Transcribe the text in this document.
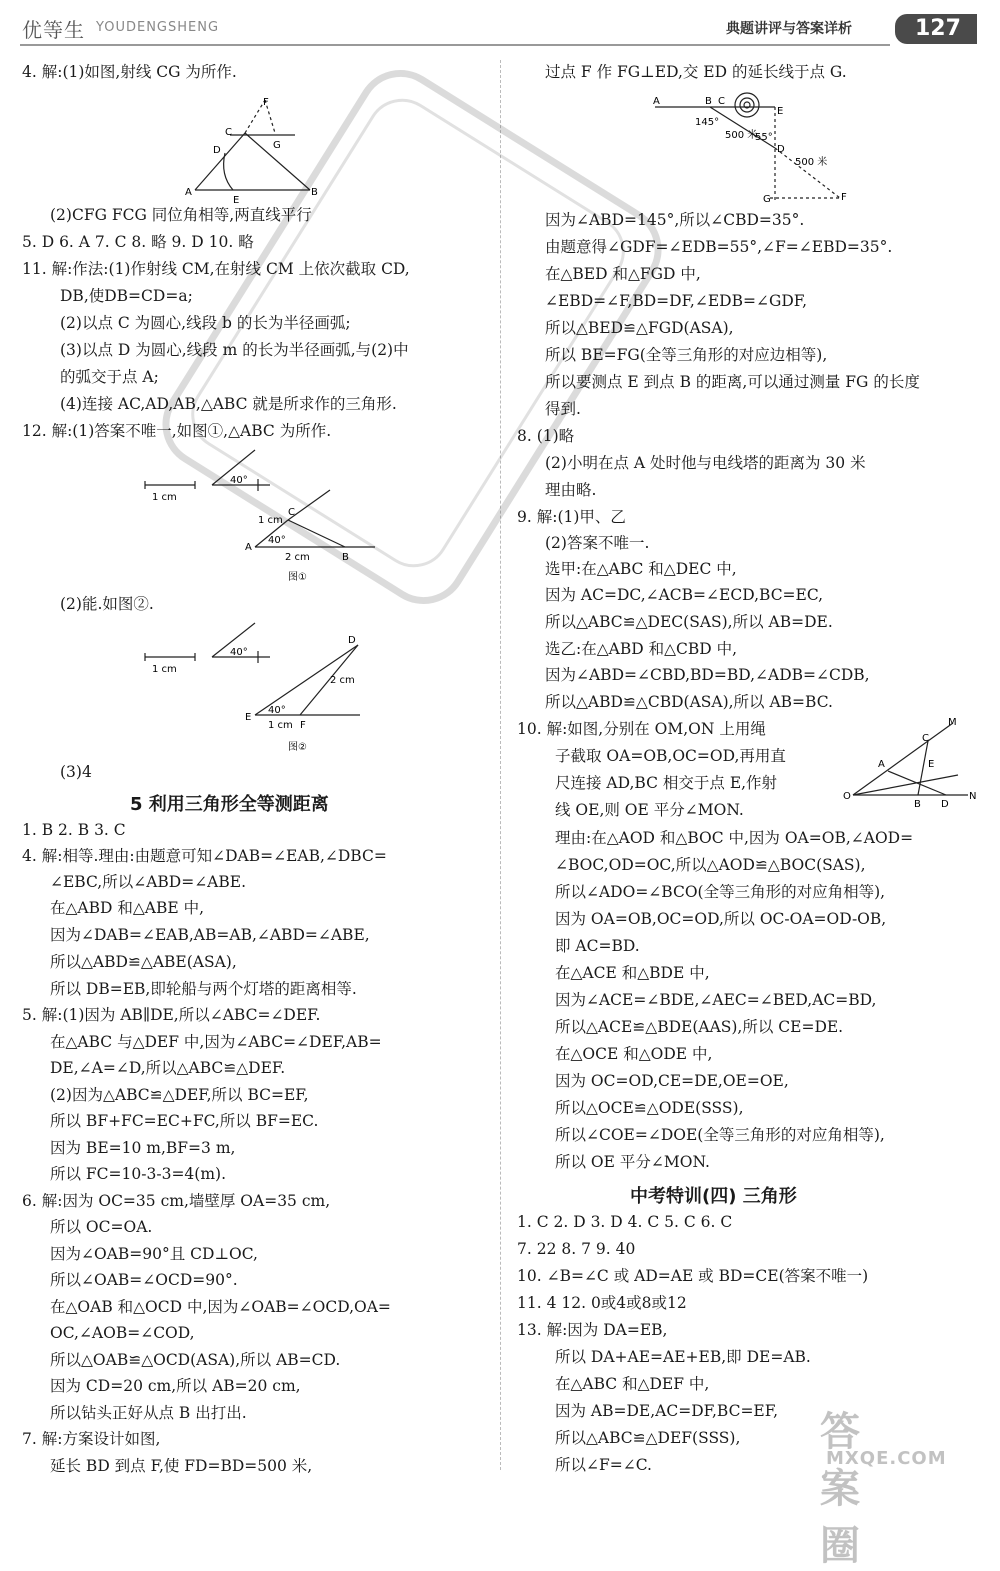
优等生 YOUDENGSHENG	典题讲评与答案详析	127
4. 解:(1)如图,射线 CG 为所作.
(2)CFG FCG 同位角相等,两直线平行
5. D 6. A 7. C 8. 略 9. D 10. 略
11. 解:作法:(1)作射线 CM,在射线 CM 上依次截取 CD,
DB,使DB=CD=a;
(2)以点 C 为圆心,线段 b 的长为半径画弧;
(3)以点 D 为圆心,线段 m 的长为半径画弧,与(2)中
的弧交于点 A;
(4)连接 AC,AD,AB,△ABC 就是所求作的三角形.
12. 解:(1)答案不唯一,如图①,△ABC 为所作.
(2)能.如图②.
(3)4
5 利用三角形全等测距离
1. B 2. B 3. C
4. 解:相等.理由:由题意可知∠DAB=∠EAB,∠DBC=
∠EBC,所以∠ABD=∠ABE.
在△ABD 和△ABE 中,
因为∠DAB=∠EAB,AB=AB,∠ABD=∠ABE,
所以△ABD≌△ABE(ASA),
所以 DB=EB,即轮船与两个灯塔的距离相等.
5. 解:(1)因为 AB∥DE,所以∠ABC=∠DEF.
在△ABC 与△DEF 中,因为∠ABC=∠DEF,AB=
DE,∠A=∠D,所以△ABC≌△DEF.
(2)因为△ABC≌△DEF,所以 BC=EF,
所以 BF+FC=EC+FC,所以 BF=EC.
因为 BE=10 m,BF=3 m,
所以 FC=10-3-3=4(m).
6. 解:因为 OC=35 cm,墙壁厚 OA=35 cm,
所以 OC=OA.
因为∠OAB=90°且 CD⊥OC,
所以∠OAB=∠OCD=90°.
在△OAB 和△OCD 中,因为∠OAB=∠OCD,OA=
OC,∠AOB=∠COD,
所以△OAB≌△OCD(ASA),所以 AB=CD.
因为 CD=20 cm,所以 AB=20 cm,
所以钻头正好从点 B 出打出.
7. 解:方案设计如图,
延长 BD 到点 F,使 FD=BD=500 米,
C
F
G
D
A
E
B
1 cm
40°
C
1 cm
A
40°
2 cm	B
图①
1 cm
40°
D
2 cm
E
40°
1 cm F
图②
过点 F 作 FG⊥ED,交 ED 的延长线于点 G.
因为∠ABD=145°,所以∠CBD=35°.
由题意得∠GDF=∠EDB=55°,∠F=∠EBD=35°.
在△BED 和△FGD 中,
∠EBD=∠F,BD=DF,∠EDB=∠GDF,
所以△BED≌△FGD(ASA),
所以 BE=FG(全等三角形的对应边相等),
所以要测点 E 到点 B 的距离,可以通过测量 FG 的长度
得到.
8. (1)略
(2)小明在点 A 处时他与电线塔的距离为 30 米
理由略.
9. 解:(1)甲、乙
(2)答案不唯一.
选甲:在△ABC 和△DEC 中,
因为 AC=DC,∠ACB=∠ECD,BC=EC,
所以△ABC≌△DEC(SAS),所以 AB=DE.
选乙:在△ABD 和△CBD 中,
因为∠ABD=∠CBD,BD=BD,∠ADB=∠CDB,
所以△ABD≌△CBD(ASA),所以 AB=BC.
10. 解:如图,分别在 OM,ON 上用绳
子截取 OA=OB,OC=OD,再用直
尺连接 AD,BC 相交于点 E,作射
线 OE,则 OE 平分∠MON.
理由:在△AOD 和△BOC 中,因为 OA=OB,∠AOD=
∠BOC,OD=OC,所以△AOD≌△BOC(SAS),
所以∠ADO=∠BCO(全等三角形的对应角相等),
因为 OA=OB,OC=OD,所以 OC-OA=OD-OB,
即 AC=BD.
在△ACE 和△BDE 中,
因为∠ACE=∠BDE,∠AEC=∠BED,AC=BD,
所以△ACE≌△BDE(AAS),所以 CE=DE.
在△OCE 和△ODE 中,
因为 OC=OD,CE=DE,OE=OE,
所以△OCE≌△ODE(SSS),
所以∠COE=∠DOE(全等三角形的对应角相等),
所以 OE 平分∠MON.
中考特训(四) 三角形
1. C 2. D 3. D 4. C 5. C 6. C
7. 22 8. 7 9. 40
10. ∠B=∠C 或 AD=AE 或 BD=CE(答案不唯一)
11. 4 12. 0或4或8或12
13. 解:因为 DA=EB,
所以 DA+AE=AE+EB,即 DE=AB.
在△ABC 和△DEF 中,
因为 AB=DE,AC=DF,BC=EF,
所以△ABC≌△DEF(SSS),
所以∠F=∠C.
A	B C
E
145°
55°
500 米
D
500 米
G	F
M
C
A	E
O
B D
N
答案圈
MXQE.COM
